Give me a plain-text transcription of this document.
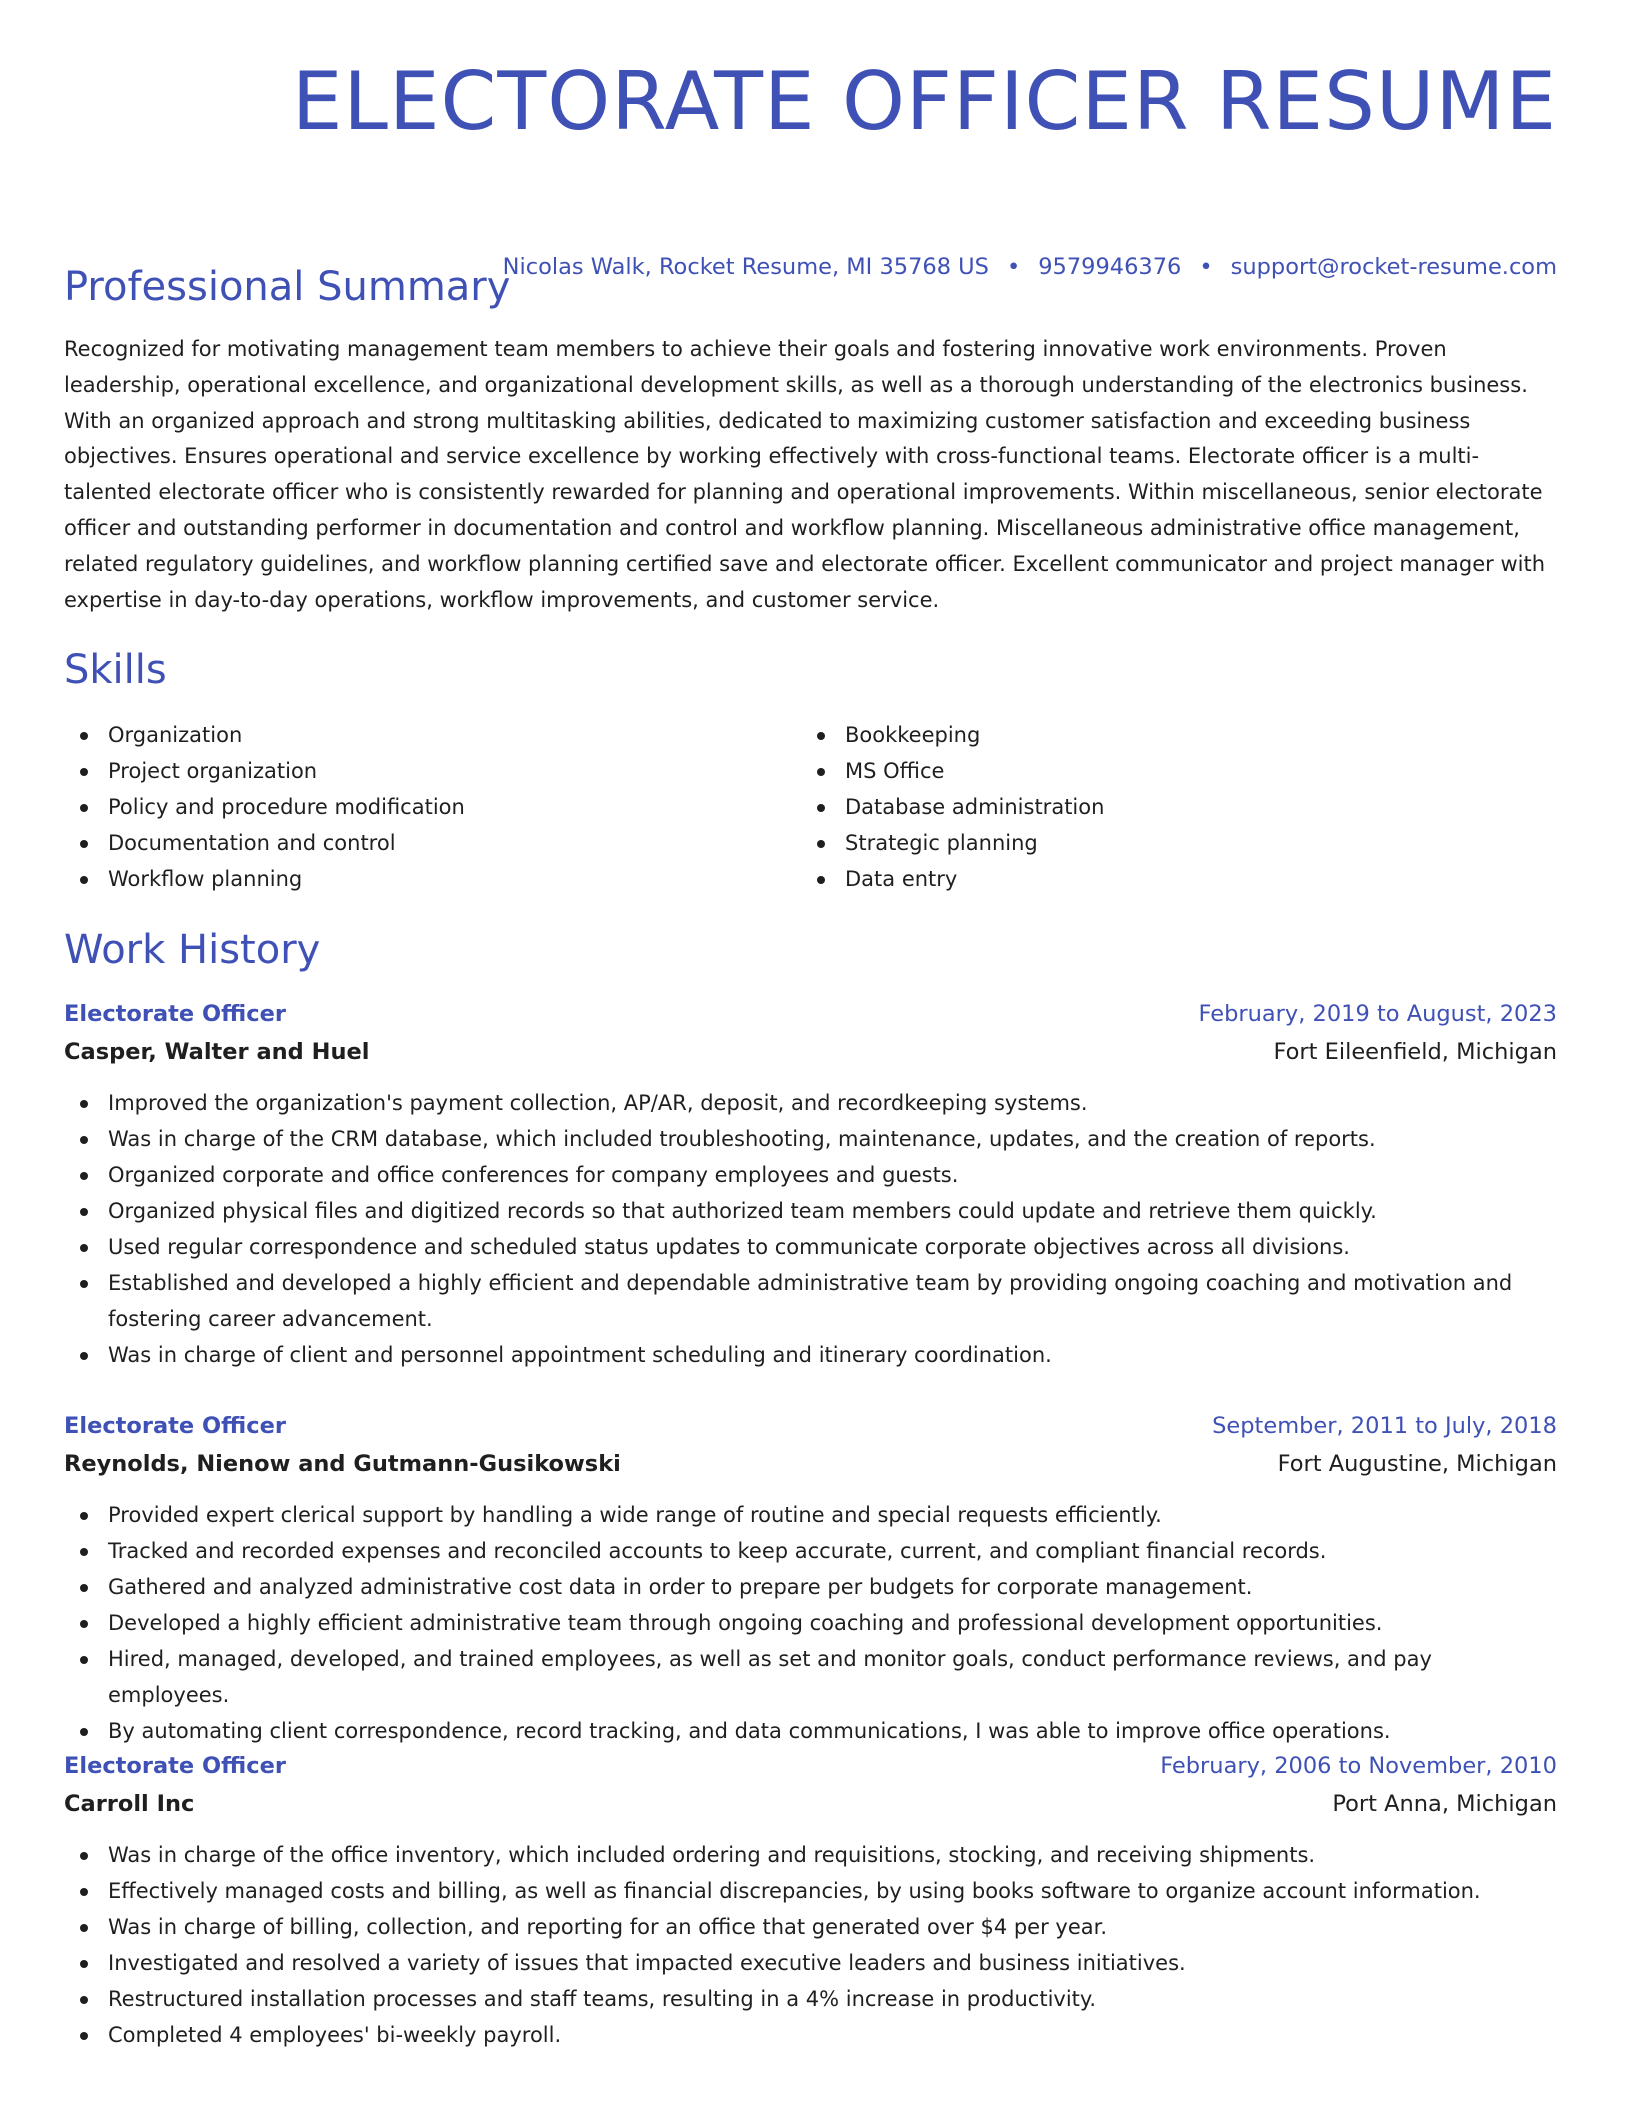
ELECTORATE OFFICER RESUME
Nicolas Walk, Rocket Resume, MI 35768 US • 9579946376 • support@rocket-resume.com
Professional Summary

Recognized for motivating management team members to achieve their goals and fostering innovative work environments. Proven leadership, operational excellence, and organizational development skills, as well as a thorough understanding of the electronics business. With an organized approach and strong multitasking abilities, dedicated to maximizing customer satisfaction and exceeding business objectives. Ensures operational and service excellence by working effectively with cross-functional teams. Electorate officer is a multi-talented electorate officer who is consistently rewarded for planning and operational improvements. Within miscellaneous, senior electorate officer and outstanding performer in documentation and control and workflow planning. Miscellaneous administrative office management, related regulatory guidelines, and workflow planning certified save and electorate officer. Excellent communicator and project manager with expertise in day-to-day operations, workflow improvements, and customer service.

Skills
Organization
Project organization
Policy and procedure modification
Documentation and control
Workflow planning
Bookkeeping
MS Office
Database administration
Strategic planning
Data entry
Work History
Electorate Officer	February, 2019 to August, 2023
Casper, Walter and Huel	Fort Eileenfield, Michigan
Improved the organization's payment collection, AP/AR, deposit, and recordkeeping systems.
Was in charge of the CRM database, which included troubleshooting, maintenance, updates, and the creation of reports.
Organized corporate and office conferences for company employees and guests.
Organized physical files and digitized records so that authorized team members could update and retrieve them quickly.
Used regular correspondence and scheduled status updates to communicate corporate objectives across all divisions.
Established and developed a highly efficient and dependable administrative team by providing ongoing coaching and motivation and fostering career advancement.
Was in charge of client and personnel appointment scheduling and itinerary coordination.
Electorate Officer	September, 2011 to July, 2018
Reynolds, Nienow and Gutmann-Gusikowski	Fort Augustine, Michigan
Provided expert clerical support by handling a wide range of routine and special requests efficiently.
Tracked and recorded expenses and reconciled accounts to keep accurate, current, and compliant financial records.
Gathered and analyzed administrative cost data in order to prepare per budgets for corporate management.
Developed a highly efficient administrative team through ongoing coaching and professional development opportunities.
Hired, managed, developed, and trained employees, as well as set and monitor goals, conduct performance reviews, and pay employees.
By automating client correspondence, record tracking, and data communications, I was able to improve office operations.
Electorate Officer	February, 2006 to November, 2010
Carroll Inc	Port Anna, Michigan
Was in charge of the office inventory, which included ordering and requisitions, stocking, and receiving shipments.
Effectively managed costs and billing, as well as financial discrepancies, by using books software to organize account information.
Was in charge of billing, collection, and reporting for an office that generated over $4 per year.
Investigated and resolved a variety of issues that impacted executive leaders and business initiatives.
Restructured installation processes and staff teams, resulting in a 4% increase in productivity.
Completed 4 employees' bi-weekly payroll.
